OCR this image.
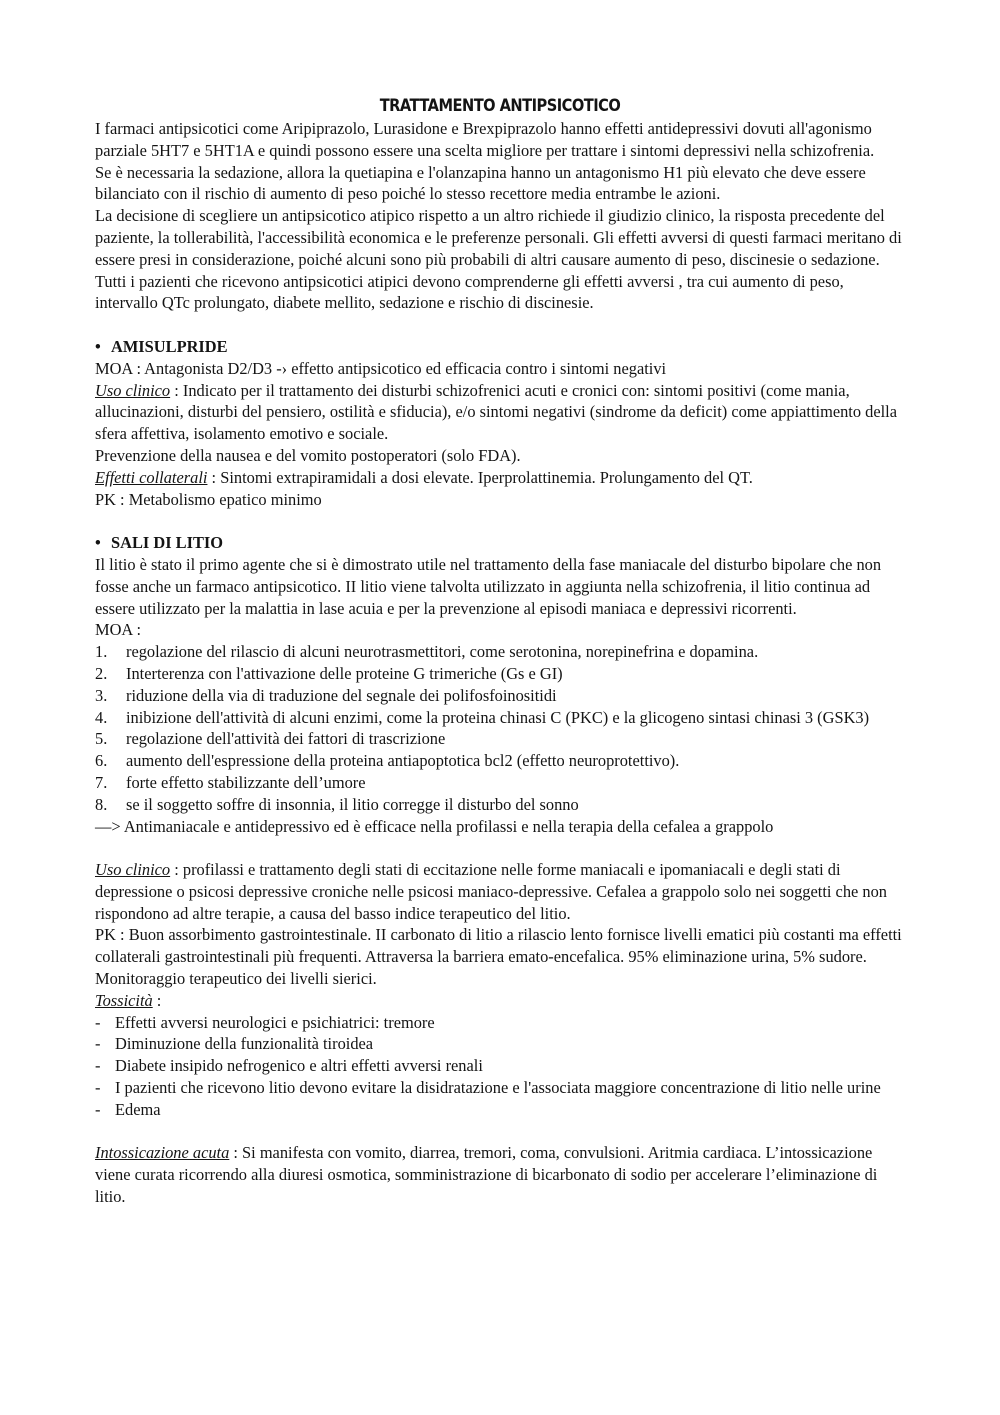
TRATTAMENTO ANTIPSICOTICO

I farmaci antipsicotici come Aripiprazolo, Lurasidone e Brexpiprazolo hanno effetti antidepressivi dovuti all'agonismo parziale 5HT7 e 5HT1A e quindi possono essere una scelta migliore per trattare i sintomi depressivi nella schizofrenia.

Se è necessaria la sedazione, allora la quetiapina e l'olanzapina hanno un antagonismo H1 più elevato che deve essere bilanciato con il rischio di aumento di peso poiché lo stesso recettore media entrambe le azioni.

La decisione di scegliere un antipsicotico atipico rispetto a un altro richiede il giudizio clinico, la risposta precedente del paziente, la tollerabilità, l'accessibilità economica e le preferenze personali. Gli effetti avversi di questi farmaci meritano di essere presi in considerazione, poiché alcuni sono più probabili di altri causare aumento di peso, discinesie o sedazione. Tutti i pazienti che ricevono antipsicotici atipici devono comprenderne gli effetti avversi , tra cui aumento di peso, intervallo QTc prolungato, diabete mellito, sedazione e rischio di discinesie.

• AMISULPRIDE

MOA : Antagonista D2/D3 -› effetto antipsicotico ed efficacia contro i sintomi negativi

Uso clinico : Indicato per il trattamento dei disturbi schizofrenici acuti e cronici con: sintomi positivi (come mania, allucinazioni, disturbi del pensiero, ostilità e sfiducia), e/o sintomi negativi (sindrome da deficit) come appiattimento della sfera affettiva, isolamento emotivo e sociale.

Prevenzione della nausea e del vomito postoperatori (solo FDA).

Effetti collaterali : Sintomi extrapiramidali a dosi elevate. Iperprolattinemia. Prolungamento del QT.

PK : Metabolismo epatico minimo

• SALI DI LITIO

Il litio è stato il primo agente che si è dimostrato utile nel trattamento della fase maniacale del disturbo bipolare che non fosse anche un farmaco antipsicotico. II litio viene talvolta utilizzato in aggiunta nella schizofrenia, il litio continua ad essere utilizzato per la malattia in lase acuia e per la prevenzione al episodi maniaca e depressivi ricorrenti.

MOA :

1. regolazione del rilascio di alcuni neurotrasmettitori, come serotonina, norepinefrina e dopamina.
2. Interterenza con l'attivazione delle proteine G trimeriche (Gs e GI)
3. riduzione della via di traduzione del segnale dei polifosfoinositidi
4. inibizione dell'attività di alcuni enzimi, come la proteina chinasi C (PKC) e la glicogeno sintasi chinasi 3 (GSK3)
5. regolazione dell'attività dei fattori di trascrizione
6. aumento dell'espressione della proteina antiapoptotica bcl2 (effetto neuroprotettivo).
7. forte effetto stabilizzante dell’umore
8. se il soggetto soffre di insonnia, il litio corregge il disturbo del sonno

—> Antimaniacale e antidepressivo ed è efficace nella profilassi e nella terapia della cefalea a grappolo

Uso clinico : profilassi e trattamento degli stati di eccitazione nelle forme maniacali e ipomaniacali e degli stati di depressione o psicosi depressive croniche nelle psicosi maniaco-depressive. Cefalea a grappolo solo nei soggetti che non rispondono ad altre terapie, a causa del basso indice terapeutico del litio.

PK : Buon assorbimento gastrointestinale. II carbonato di litio a rilascio lento fornisce livelli ematici più costanti ma effetti collaterali gastrointestinali più frequenti. Attraversa la barriera emato-encefalica. 95% eliminazione urina, 5% sudore. Monitoraggio terapeutico dei livelli sierici.

Tossicità :

- Effetti avversi neurologici e psichiatrici: tremore
- Diminuzione della funzionalità tiroidea
- Diabete insipido nefrogenico e altri effetti avversi renali
- I pazienti che ricevono litio devono evitare la disidratazione e l'associata maggiore concentrazione di litio nelle urine
- Edema

Intossicazione acuta : Si manifesta con vomito, diarrea, tremori, coma, convulsioni. Aritmia cardiaca. L’intossicazione viene curata ricorrendo alla diuresi osmotica, somministrazione di bicarbonato di sodio per accelerare l’eliminazione di litio.
